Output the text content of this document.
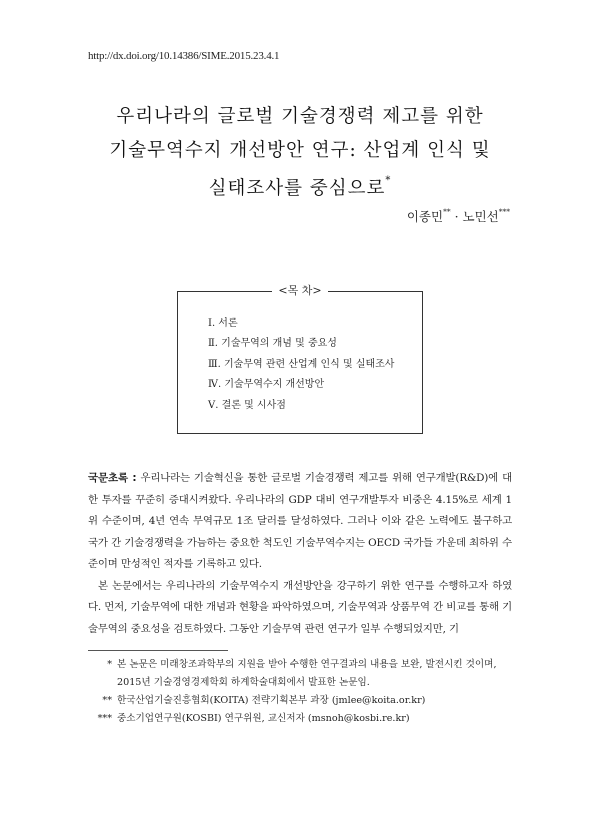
http://dx.doi.org/10.14386/SIME.2015.23.4.1
우리나라의 글로벌 기술경쟁력 제고를 위한
기술무역수지 개선방안 연구: 산업계 인식 및
실태조사를 중심으로*
이종민** · 노민선***
<목 차>
Ⅰ. 서론
Ⅱ. 기술무역의 개념 및 중요성
Ⅲ. 기술무역 관련 산업계 인식 및 실태조사
Ⅳ. 기술무역수지 개선방안
Ⅴ. 결론 및 시사점

국문초록 : 우리나라는 기술혁신을 통한 글로벌 기술경쟁력 제고를 위해 연구개발(R&D)에 대한 투자를 꾸준히 증대시켜왔다. 우리나라의 GDP 대비 연구개발투자 비중은 4.15%로 세계 1위 수준이며, 4년 연속 무역규모 1조 달러를 달성하였다. 그러나 이와 같은 노력에도 불구하고 국가 간 기술경쟁력을 가늠하는 중요한 척도인 기술무역수지는 OECD 국가들 가운데 최하위 수준이며 만성적인 적자를 기록하고 있다.

본 논문에서는 우리나라의 기술무역수지 개선방안을 강구하기 위한 연구를 수행하고자 하였다. 먼저, 기술무역에 대한 개념과 현황을 파악하였으며, 기술무역과 상품무역 간 비교를 통해 기술무역의 중요성을 검토하였다. 그동안 기술무역 관련 연구가 일부 수행되었지만, 기

* 본 논문은 미래창조과학부의 지원을 받아 수행한 연구결과의 내용을 보완, 발전시킨 것이며,
2015년 기술경영경제학회 하계학술대회에서 발표한 논문임.
** 한국산업기술진흥협회(KOITA) 전략기획본부 과장 (jmlee@koita.or.kr)
*** 중소기업연구원(KOSBI) 연구위원, 교신저자 (msnoh@kosbi.re.kr)
